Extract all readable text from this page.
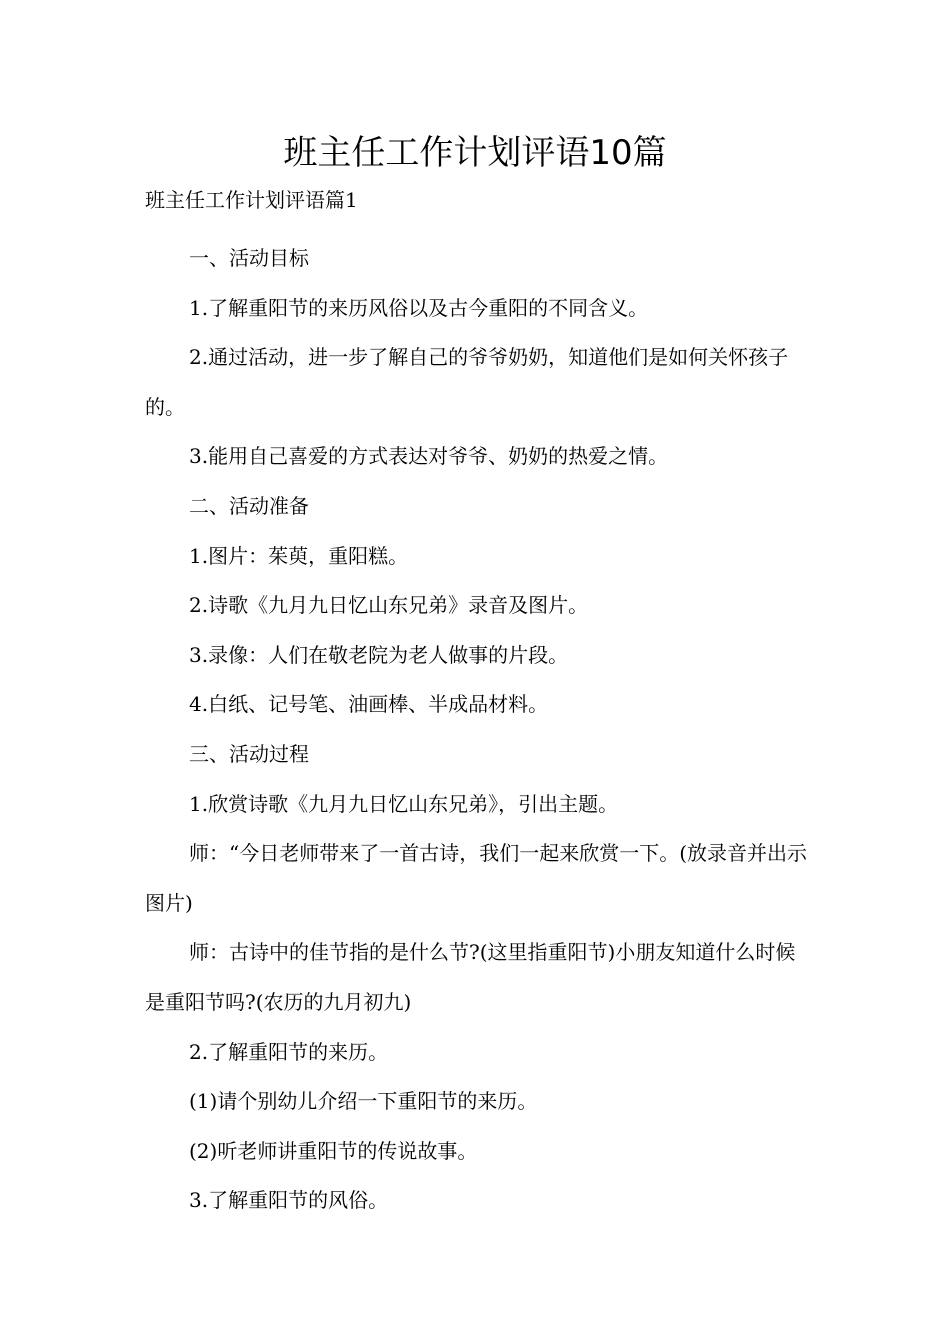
班主任工作计划评语10篇

班主任工作计划评语篇1

一、活动目标

1.了解重阳节的来历风俗以及古今重阳的不同含义。

2.通过活动，进一步了解自己的爷爷奶奶，知道他们是如何关怀孩子的。

3.能用自己喜爱的方式表达对爷爷、奶奶的热爱之情。

二、活动准备

1.图片：茱萸，重阳糕。

2.诗歌《九月九日忆山东兄弟》录音及图片。

3.录像：人们在敬老院为老人做事的片段。

4.白纸、记号笔、油画棒、半成品材料。

三、活动过程

1.欣赏诗歌《九月九日忆山东兄弟》，引出主题。

师：“今日老师带来了一首古诗，我们一起来欣赏一下。(放录音并出示图片)

师：古诗中的佳节指的是什么节?(这里指重阳节)小朋友知道什么时候是重阳节吗?(农历的九月初九)

2.了解重阳节的来历。

(1)请个别幼儿介绍一下重阳节的来历。

(2)听老师讲重阳节的传说故事。

3.了解重阳节的风俗。
